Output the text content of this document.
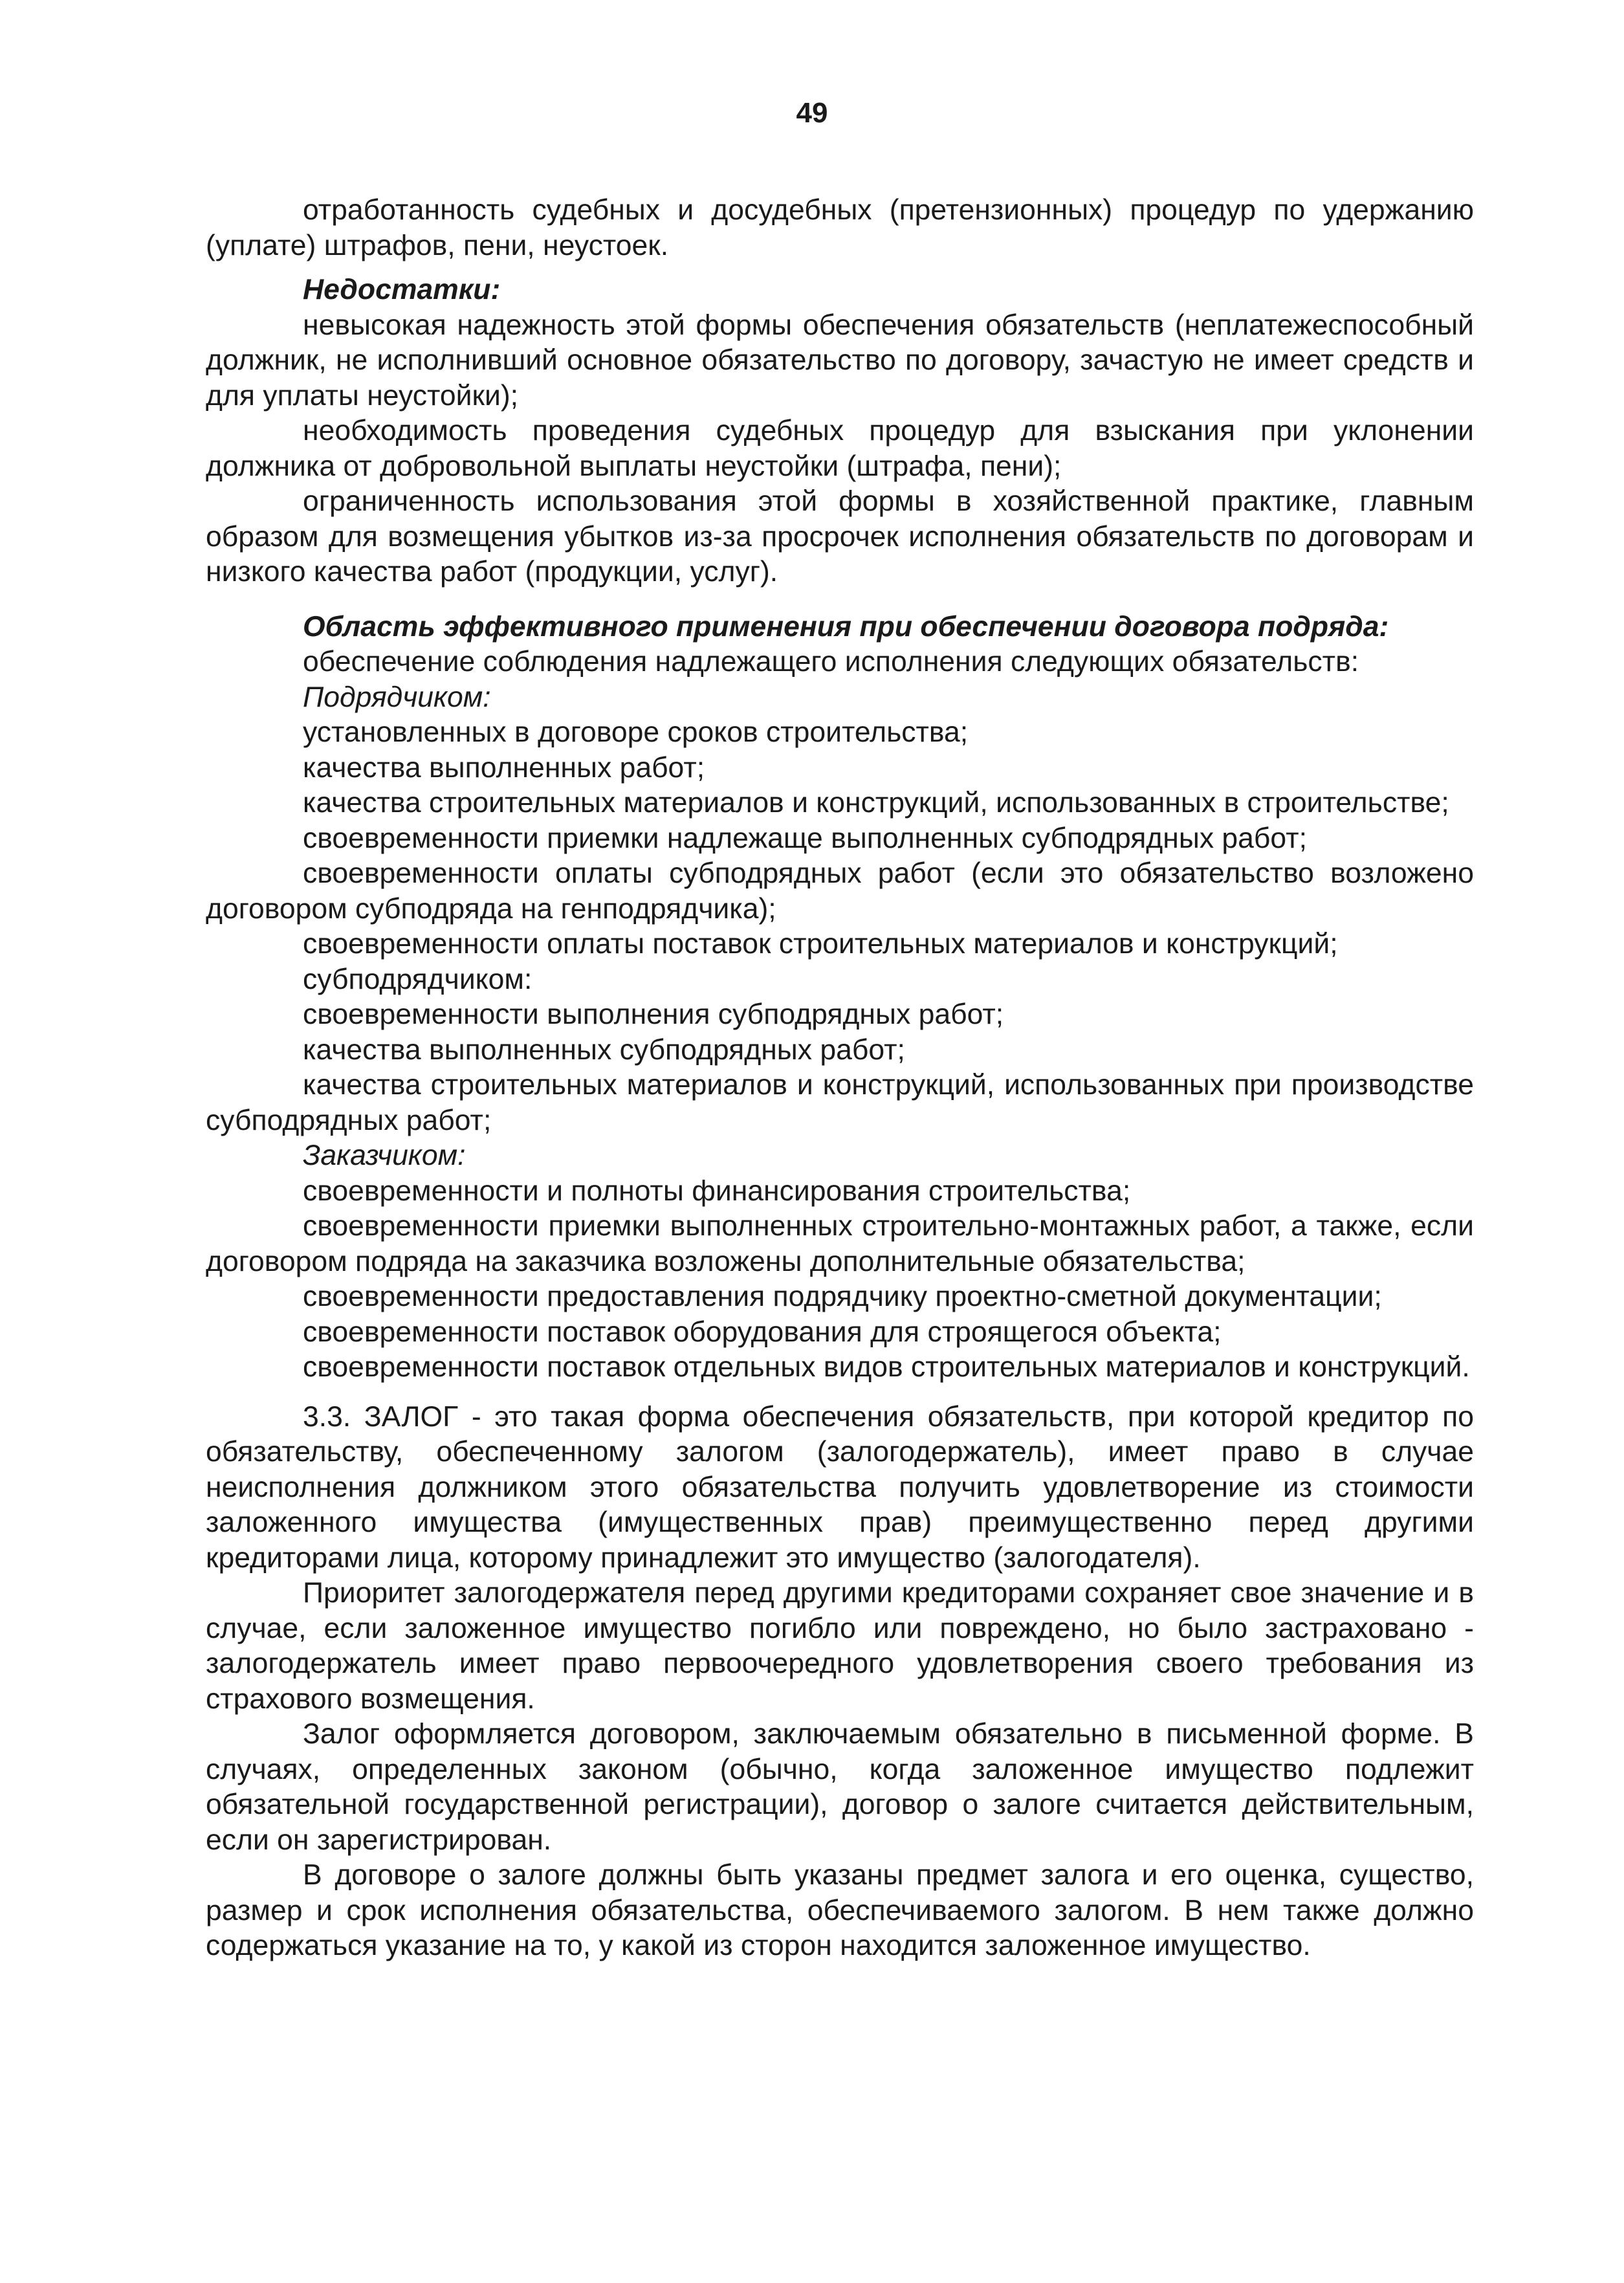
49

отработанность судебных и досудебных (претензионных) процедур по удержанию (уплате) штрафов, пени, неустоек.

Недостатки:

невысокая надежность этой формы обеспечения обязательств (неплатежеспособный должник, не исполнивший основное обязательство по договору, зачастую не имеет средств и для уплаты неустойки);

необходимость проведения судебных процедур для взыскания при уклонении должника от добровольной выплаты неустойки (штрафа, пени);

ограниченность использования этой формы в хозяйственной практике, главным образом для возмещения убытков из-за просрочек исполнения обязательств по договорам и низкого качества работ (продукции, услуг).

Область эффективного применения при обеспечении договора подряда:

обеспечение соблюдения надлежащего исполнения следующих обязательств:

Подрядчиком:

установленных в договоре сроков строительства;

качества выполненных работ;

качества строительных материалов и конструкций, использованных в строительстве;

своевременности приемки надлежаще выполненных субподрядных работ;

своевременности оплаты субподрядных работ (если это обязательство возложено договором субподряда на генподрядчика);

своевременности оплаты поставок строительных материалов и конструкций;

субподрядчиком:

своевременности выполнения субподрядных работ;

качества выполненных субподрядных работ;

качества строительных материалов и конструкций, использованных при производстве субподрядных работ;

Заказчиком:

своевременности и полноты финансирования строительства;

своевременности приемки выполненных строительно-монтажных работ, а также, если договором подряда на заказчика возложены дополнительные обязательства;

своевременности предоставления подрядчику проектно-сметной документации;

своевременности поставок оборудования для строящегося объекта;

своевременности поставок отдельных видов строительных материалов и конструкций.

3.3. ЗАЛОГ - это такая форма обеспечения обязательств, при которой кредитор по обязательству, обеспеченному залогом (залогодержатель), имеет право в случае неисполнения должником этого обязательства получить удовлетворение из стоимости заложенного имущества (имущественных прав) преимущественно перед другими кредиторами лица, которому принадлежит это имущество (залогодателя).

Приоритет залогодержателя перед другими кредиторами сохраняет свое значение и в случае, если заложенное имущество погибло или повреждено, но было застраховано - залогодержатель имеет право первоочередного удовлетворения своего требования из страхового возмещения.

Залог оформляется договором, заключаемым обязательно в письменной форме. В случаях, определенных законом (обычно, когда заложенное имущество подлежит обязательной государственной регистрации), договор о залоге считается действительным, если он зарегистрирован.

В договоре о залоге должны быть указаны предмет залога и его оценка, существо, размер и срок исполнения обязательства, обеспечиваемого залогом. В нем также должно содержаться указание на то, у какой из сторон находится заложенное имущество.
